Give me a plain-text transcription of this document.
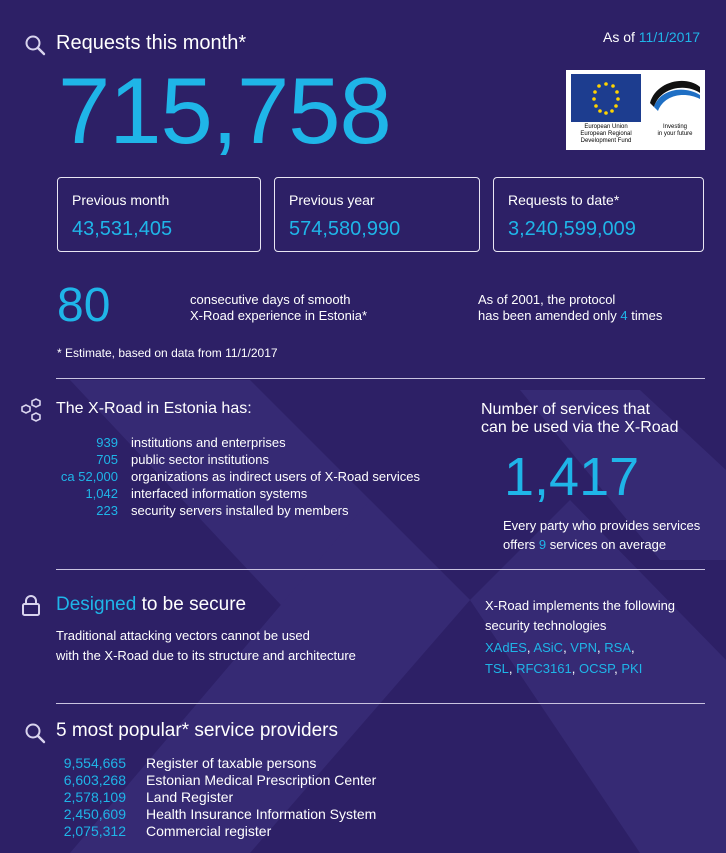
Requests this month*	As of 11/1/2017
715,758	European Union
European Regional
Development Fund
Investing
in your future
Previous month
43,531,405
Previous year
574,580,990
Requests to date*
3,240,599,009
80	consecutive days of smooth
X-Road experience in Estonia*
As of 2001, the protocol
has been amended only 4 times
* Estimate, based on data from 11/1/2017
The X-Road in Estonia has:
939 institutions and enterprises
705 public sector institutions
ca 52,000 organizations as indirect users of X-Road services
1,042 interfaced information systems
223 security servers installed by members
Number of services that
can be used via the X-Road
1,417
Every party who provides services
offers 9 services on average
Designed to be secure
Traditional attacking vectors cannot be used
with the X-Road due to its structure and architecture
X-Road implements the following
security technologies
XAdES, ASiC, VPN, RSA,
TSL, RFC3161, OCSP, PKI
5 most popular* service providers
9,554,665 Register of taxable persons
6,603,268 Estonian Medical Prescription Center
2,578,109 Land Register
2,450,609 Health Insurance Information System
2,075,312 Commercial register
